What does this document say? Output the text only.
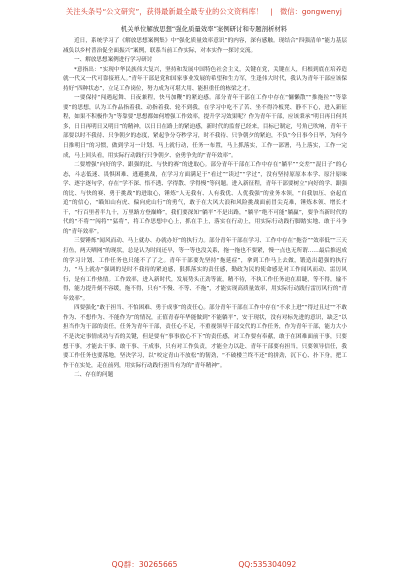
关注头条号“公文研究”，获得最新最全最专业的公文资料库！   |   微信：gongwenyj
机关单位解放思想“强化质量效率”案例研讨和专题剖析材料

近日，系统学习了《解放思想案例集》中“强化质量效率意识”的内容，深有感触。现结合“四强清单”能力基层减负以乡村普治促全面振兴”案例，联系当前工作实际，对本实作一探讨交流。

一、解放思想案例进行学习研讨

*意指出：“实现中华民族伟大复兴，坚持和发展中国特色社会主义，关键在党，关键在人，归根到底在培养造就一代又一代可靠接班人。”青年干部是党和国家事业发展的希望和生力军，生逢伟大时代，我认为青年干部应该保持好“四种状态”，立足工作岗位，努力成为可堪大用、能担重任的栋梁之才。

一要保持“闯遇起舞、日夜兼程，快马加鞭”的紧迫感。部分青年干部在工作中存在“慵懒散”“推拖拉”“等靠要”的思想，认为工作品指着我、动指着我、轮不到我，在学习中吃不了苦、坐不得冷板凳、静不下心，进入新征程，如果不积极作为“等靠要”思想都如何增强工作效率，提升学习效果呢？作为青年干部，应该秉承“明日再日何其多，日日再明日又明日”的精神，以日日在路上的紧迫感，新时代的监督已经来，目标已制定，号角已吹响，青年干部要以时不我待、只争朝夕的态度，紧起争分夺秒学习，时不我待、只争朝夕的紧迫，不负“今日事今日毕，为何今日推明日”的习惯，做到学习一计划、马上就行动，任务一布置，马上抓落实，工作一部署，马上落实，工作一完成，马上回头看，用实际行动践行只争朝夕、奋勇争先的“青年效率”。

二要增强“向好的学、跟强的比、与快的赛”的进取心。部分青年干部在工作中存在“躺平”“交差”“混日子”的心态，斗志低迷、畏惧困难、逃避挑战，在学习方面满足于“看过”“读过”“学过”，没有坚持原原本本学、原汁原味学、逐字逐句学，存在“学不深、悟不透、学得散、学得慢”等问题。进入新征程，青年干部要树立“向好的学、跟强的比、与快的赛、勇于挑战”的进取心，锤炼“人无我有、人有我优、人优我强”的业务本领，“自我加压、奋起直追”的信心，“瞄知山有虎、偏向虎山行”的勇气，敢于在大风大浪和风险挑战面前冒尖克难，锤炼本领、增长才干，“行百里者半九十，万里路方登巅峰”，我们要深知“躺平”不是出路，“躺平”绝不可能“躺赢”，要争当新时代的代的“不将”“闯将”“猛将”，将工作思想中心上，抓在手上，落实在行动上，用实际行动践行脚踏实地、敢于斗争的“青年效率”。

三要锤炼“闻风而动、马上就办、办就办好”的执行力。部分青年干部在学习、工作中存在“拖沓”“效率低”“三天打鱼，两天晒网”的现状，总是认为时间还早，等一等也没关系，拖一拖也不要紧，慢一点也无所谓……最后推迟成的学习计划、工作任务也只能不了了之。青年干部要先坚持“拖延症”，拿到工作马上去做，锻造出超强的执行力，“马上就办”强调的是时不我待的紧迫感，狠抓落实的责任感，勤政为民的使命感是对工作闻风而动、雷厉风行，是有工作热情。工作效率，进入新时代，发展势头正劲等流，精不待，不执工作任务迫在眉睫，等不得，输不得，能力提升刻不容缓，拖不得，只有“不慢、不等、不拖”，才能实现高质量效率，用实际行动践行雷厉风行的“青年效率”。

四要强化“敢于担当、不怕困难、勇于成事”的责任心。部分青年干部在工作中存在“不求上进”“得过且过”“不敢作为、不想作为、不能作为”的情况，正值青春年华能做到“不能躺平”，安于现状，没有对标先进的意识，缺乏“以担当作为干部的责任，任务为青年干部，责任心不足，不重视领导干部交代的工作任务，作为青年干部，能力大小不是决定事情成功与否的关键，但是要有“事事放心不下”的责任感，对工作要有奉献，敢于在困难面前干事，只要想干事，才能去干事、敢干事、干成事，只有对工作负责，才能全力以赴、青年干部要有担当，只要领导信任，我要工作任务也要落地，坚决学习，以“咬定青山不放松”的韧劲，“不破楼兰终不还”的拼劲，沉下心、扑下身，把工作干在实处，走在前列，用实际行动践行担当有为的“青年精神”。

二、存在的问题

QQ群：30265665	QQ:535304092
